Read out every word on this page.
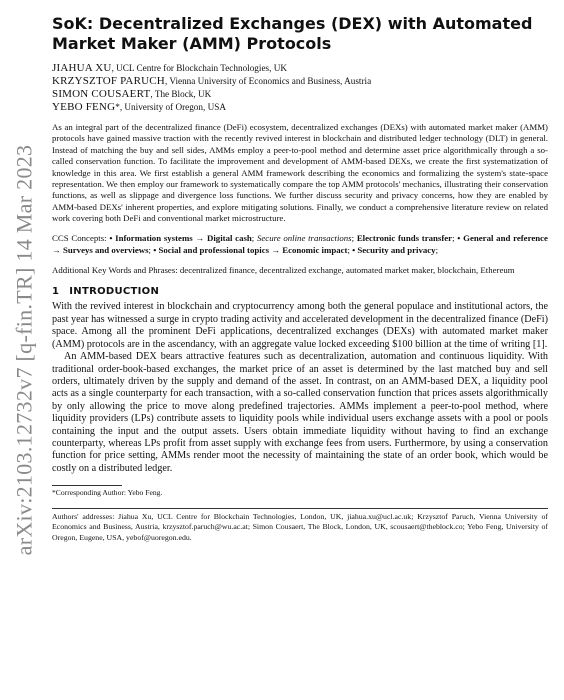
arXiv:2103.12732v7 [q-fin.TR] 14 Mar 2023
SoK: Decentralized Exchanges (DEX) with Automated Market Maker (AMM) Protocols
JIAHUA XU, UCL Centre for Blockchain Technologies, UK
KRZYSZTOF PARUCH, Vienna University of Economics and Business, Austria
SIMON COUSAERT, The Block, UK
YEBO FENG*, University of Oregon, USA

As an integral part of the decentralized finance (DeFi) ecosystem, decentralized exchanges (DEXs) with automated market maker (AMM) protocols have gained massive traction with the recently revived interest in blockchain and distributed ledger technology (DLT) in general. Instead of matching the buy and sell sides, AMMs employ a peer-to-pool method and determine asset price algorithmically through a so-called conservation function. To facilitate the improvement and development of AMM-based DEXs, we create the first systematization of knowledge in this area. We first establish a general AMM framework describing the economics and formalizing the system's state-space representation. We then employ our framework to systematically compare the top AMM protocols' mechanics, illustrating their conservation functions, as well as slippage and divergence loss functions. We further discuss security and privacy concerns, how they are enabled by AMM-based DEXs' inherent properties, and explore mitigating solutions. Finally, we conduct a comprehensive literature review on related work covering both DeFi and conventional market microstructure.

CCS Concepts: • Information systems → Digital cash; Secure online transactions; Electronic funds transfer; • General and reference → Surveys and overviews; • Social and professional topics → Economic impact; • Security and privacy;

Additional Key Words and Phrases: decentralized finance, decentralized exchange, automated market maker, blockchain, Ethereum

1 INTRODUCTION

With the revived interest in blockchain and cryptocurrency among both the general populace and institutional actors, the past year has witnessed a surge in crypto trading activity and accelerated development in the decentralized finance (DeFi) space. Among all the prominent DeFi applications, decentralized exchanges (DEXs) with automated market maker (AMM) protocols are in the ascendancy, with an aggregate value locked exceeding $100 billion at the time of writing [1].

An AMM-based DEX bears attractive features such as decentralization, automation and continuous liquidity. With traditional order-book-based exchanges, the market price of an asset is determined by the last matched buy and sell orders, ultimately driven by the supply and demand of the asset. In contrast, on an AMM-based DEX, a liquidity pool acts as a single counterparty for each transaction, with a so-called conservation function that prices assets algorithmically by only allowing the price to move along predefined trajectories. AMMs implement a peer-to-pool method, where liquidity providers (LPs) contribute assets to liquidity pools while individual users exchange assets with a pool or pools containing the input and the output assets. Users obtain immediate liquidity without having to find an exchange counterparty, whereas LPs profit from asset supply with exchange fees from users. Furthermore, by using a conservation function for price setting, AMMs render moot the necessity of maintaining the state of an order book, which would be costly on a distributed ledger.

*Corresponding Author: Yebo Feng.

Authors' addresses: Jiahua Xu, UCL Centre for Blockchain Technologies, London, UK, jiahua.xu@ucl.ac.uk; Krzysztof Paruch, Vienna University of Economics and Business, Austria, krzysztof.paruch@wu.ac.at; Simon Cousaert, The Block, London, UK, scousaert@theblock.co; Yebo Feng, University of Oregon, Eugene, USA, yebof@uoregon.edu.
